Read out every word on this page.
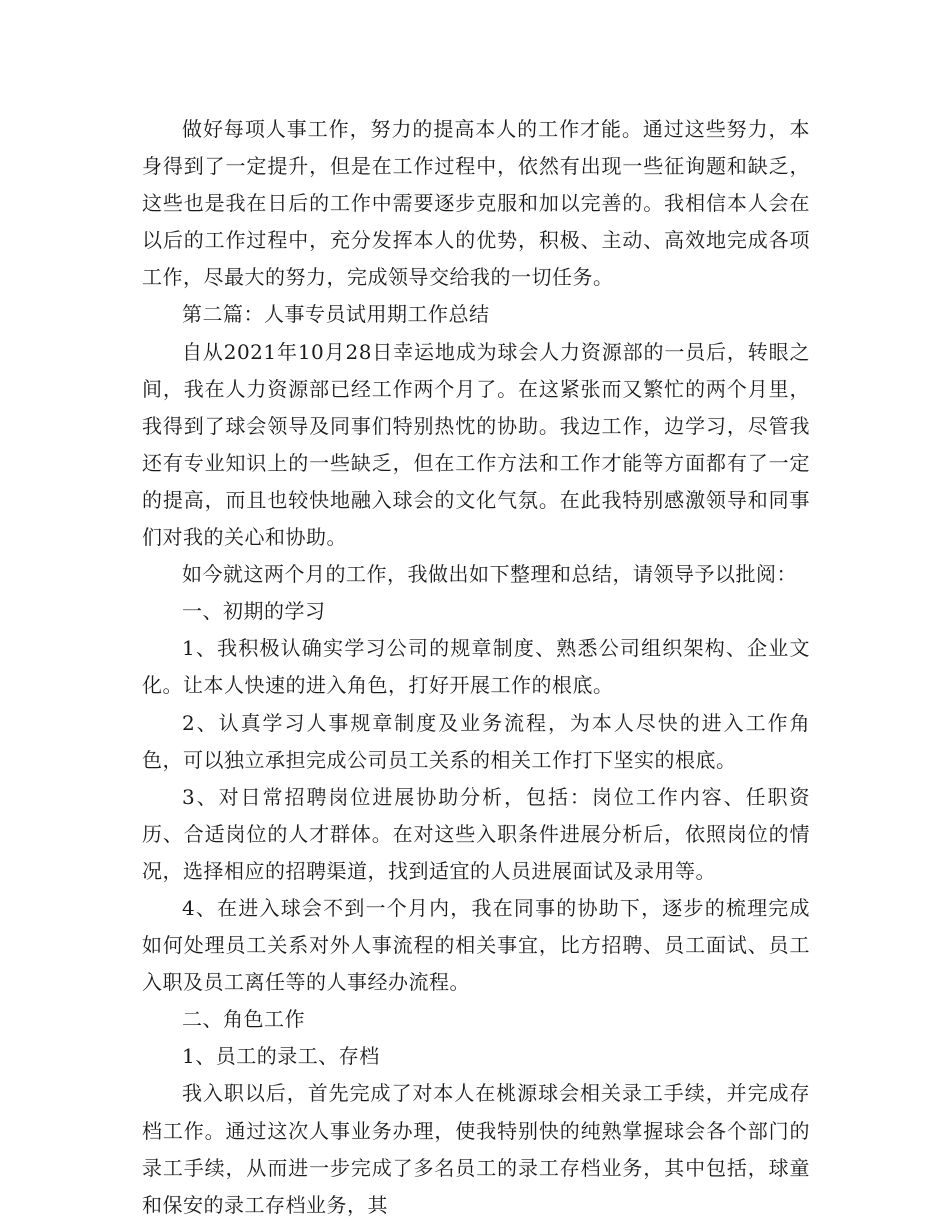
做好每项人事工作，努力的提高本人的工作才能。通过这些努力，本身得到了一定提升，但是在工作过程中，依然有出现一些征询题和缺乏，这些也是我在日后的工作中需要逐步克服和加以完善的。我相信本人会在以后的工作过程中，充分发挥本人的优势，积极、主动、高效地完成各项工作，尽最大的努力，完成领导交给我的一切任务。

第二篇：人事专员试用期工作总结

自从2021年10月28日幸运地成为球会人力资源部的一员后，转眼之间，我在人力资源部已经工作两个月了。在这紧张而又繁忙的两个月里，我得到了球会领导及同事们特别热忱的协助。我边工作，边学习，尽管我还有专业知识上的一些缺乏，但在工作方法和工作才能等方面都有了一定的提高，而且也较快地融入球会的文化气氛。在此我特别感激领导和同事们对我的关心和协助。

如今就这两个月的工作，我做出如下整理和总结，请领导予以批阅：

一、初期的学习

1、我积极认确实学习公司的规章制度、熟悉公司组织架构、企业文化。让本人快速的进入角色，打好开展工作的根底。

2、认真学习人事规章制度及业务流程，为本人尽快的进入工作角色，可以独立承担完成公司员工关系的相关工作打下坚实的根底。

3、对日常招聘岗位进展协助分析，包括：岗位工作内容、任职资历、合适岗位的人才群体。在对这些入职条件进展分析后，依照岗位的情况，选择相应的招聘渠道，找到适宜的人员进展面试及录用等。

4、在进入球会不到一个月内，我在同事的协助下，逐步的梳理完成如何处理员工关系对外人事流程的相关事宜，比方招聘、员工面试、员工入职及员工离任等的人事经办流程。

二、角色工作

1、员工的录工、存档

我入职以后，首先完成了对本人在桃源球会相关录工手续，并完成存档工作。通过这次人事业务办理，使我特别快的纯熟掌握球会各个部门的录工手续，从而进一步完成了多名员工的录工存档业务，其中包括，球童和保安的录工存档业务，其
